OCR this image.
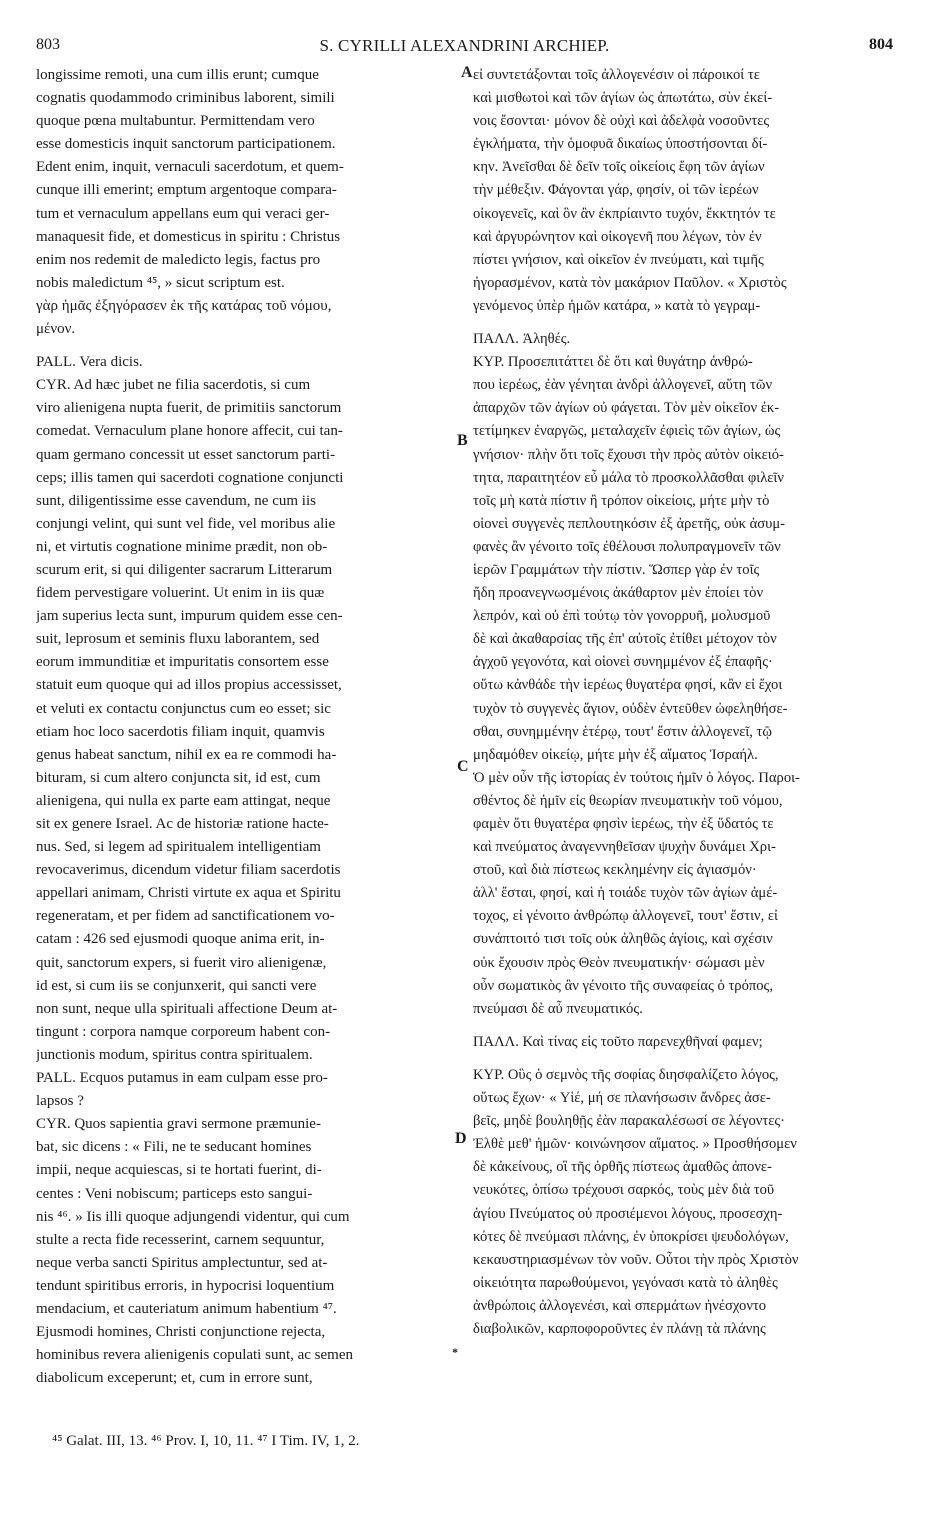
803	S. CYRILLI ALEXANDRINI ARCHIEP.	804

longissime remoti, una cum illis erunt; cumque

cognatis quodammodo criminibus laborent, simili

quoque pœna multabuntur. Permittendam vero

esse domesticis inquit sanctorum participationem.

Edent enim, inquit, vernaculi sacerdotum, et quem-

cunque illi emerint; emptum argentoque compara-

tum et vernaculum appellans eum qui veraci ger-

manaquesit fide, et domesticus in spiritu : Christus

enim nos redemit de maledicto legis, factus pro

nobis maledictum ⁴⁵, » sicut scriptum est.

γὰρ ἡμᾶς ἐξηγόρασεν ἐκ τῆς κατάρας τοῦ νόμου,

μένον.

PALL. Vera dicis.

CYR. Ad hæc jubet ne filia sacerdotis, si cum

viro alienigena nupta fuerit, de primitiis sanctorum

comedat. Vernaculum plane honore affecit, cui tan-

quam germano concessit ut esset sanctorum parti-

ceps; illis tamen qui sacerdoti cognatione conjuncti

sunt, diligentissime esse cavendum, ne cum iis

conjungi velint, qui sunt vel fide, vel moribus alie

ni, et virtutis cognatione minime prædit, non ob-

scurum erit, si qui diligenter sacrarum Litterarum

fidem pervestigare voluerint. Ut enim in iis quæ

jam superius lecta sunt, impurum quidem esse cen-

suit, leprosum et seminis fluxu laborantem, sed

eorum immunditiæ et impuritatis consortem esse

statuit eum quoque qui ad illos propius accessisset,

et veluti ex contactu conjunctus cum eo esset; sic

etiam hoc loco sacerdotis filiam inquit, quamvis

genus habeat sanctum, nihil ex ea re commodi ha-

bituram, si cum altero conjuncta sit, id est, cum

alienigena, qui nulla ex parte eam attingat, neque

sit ex genere Israel. Ac de historiæ ratione hacte-

nus. Sed, si legem ad spiritualem intelligentiam

revocaverimus, dicendum videtur filiam sacerdotis

appellari animam, Christi virtute ex aqua et Spiritu

regeneratam, et per fidem ad sanctificationem vo-

catam : 426 sed ejusmodi quoque anima erit, in-

quit, sanctorum expers, si fuerit viro alienigenæ,

id est, si cum iis se conjunxerit, qui sancti vere

non sunt, neque ulla spirituali affectione Deum at-

tingunt : corpora namque corporeum habent con-

junctionis modum, spiritus contra spiritualem.

PALL. Ecquos putamus in eam culpam esse pro-

lapsos ?

CYR. Quos sapientia gravi sermone præmunie-

bat, sic dicens : « Fili, ne te seducant homines

impii, neque acquiescas, si te hortati fuerint, di-

centes : Veni nobiscum; particeps esto sangui-

nis ⁴⁶. » Iis illi quoque adjungendi videntur, qui cum

stulte a recta fide recesserint, carnem sequuntur,

neque verba sancti Spiritus amplectuntur, sed at-

tendunt spiritibus erroris, in hypocrisi loquentium

mendacium, et cauteriatum animum habentium ⁴⁷.

Ejusmodi homines, Christi conjunctione rejecta,

hominibus revera alienigenis copulati sunt, ac semen

diabolicum exceperunt; et, cum in errore sunt,

εἰ συντετάξονται τοῖς ἀλλογενέσιν οἱ πάροικοί τε

καὶ μισθωτοὶ καὶ τῶν ἁγίων ὡς ἀπωτάτω, σὺν ἐκεί-

νοις ἔσονται· μόνον δὲ οὐχὶ καὶ ἀδελφὰ νοσοῦντες

ἐγκλήματα, τὴν ὁμοφυᾶ δικαίως ὑποστήσονται δί-

κην. Ἀνεῖσθαι δὲ δεῖν τοῖς οἰκείοις ἔφη τῶν ἁγίων

τὴν μέθεξιν. Φάγονται γάρ, φησίν, οἱ τῶν ἱερέων

οἰκογενεῖς, καὶ ὃν ἂν ἐκπρίαιντο τυχόν, ἔκκτητόν τε

καὶ ἀργυρώνητον καὶ οἰκογενῆ που λέγων, τὸν ἐν

πίστει γνήσιον, καὶ οἰκεῖον ἐν πνεύματι, καὶ τιμῆς

ἠγορασμένον, κατὰ τὸν μακάριον Παῦλον. « Χριστὸς

γενόμενος ὑπὲρ ἡμῶν κατάρα, » κατὰ τὸ γεγραμ-

ΠΑΛΛ. Ἀληθές.

ΚΥΡ. Προσεπιτάττει δὲ ὅτι καὶ θυγάτηρ ἀνθρώ-

που ἱερέως, ἐὰν γένηται ἀνδρὶ ἀλλογενεῖ, αὕτη τῶν

ἀπαρχῶν τῶν ἁγίων οὐ φάγεται. Τὸν μὲν οἰκεῖον ἐκ-

τετίμηκεν ἐναργῶς, μεταλαχεῖν ἐφιεὶς τῶν ἁγίων, ὡς

γνήσιον· πλὴν ὅτι τοῖς ἔχουσι τὴν πρὸς αὐτὸν οἰκειό-

τητα, παραιτητέον εὖ μάλα τὸ προσκολλᾶσθαι φιλεῖν

τοῖς μὴ κατὰ πίστιν ἢ τρόπον οἰκείοις, μήτε μὴν τὸ

οἱονεὶ συγγενὲς πεπλουτηκόσιν ἐξ ἀρετῆς, οὐκ ἀσυμ-

φανὲς ἂν γένοιτο τοῖς ἐθέλουσι πολυπραγμονεῖν τῶν

ἱερῶν Γραμμάτων τὴν πίστιν. Ὥσπερ γὰρ ἐν τοῖς

ἤδη προανεγνωσμένοις ἀκάθαρτον μὲν ἐποίει τὸν

λεπρόν, καὶ οὐ ἐπὶ τούτῳ τὸν γονορρυῆ, μολυσμοῦ

δὲ καὶ ἀκαθαρσίας τῆς ἐπ' αὐτοῖς ἐτίθει μέτοχον τὸν

ἀγχοῦ γεγονότα, καὶ οἱονεὶ συνημμένον ἐξ ἐπαφῆς·

οὕτω κἀνθάδε τὴν ἱερέως θυγατέρα φησί, κἂν εἰ ἔχοι

τυχὸν τὸ συγγενὲς ἅγιον, οὐδὲν ἐντεῦθεν ὠφεληθήσε-

σθαι, συνημμένην ἑτέρῳ, τουτ' ἔστιν ἀλλογενεῖ, τῷ

μηδαμόθεν οἰκείῳ, μήτε μὴν ἐξ αἵματος Ἰσραήλ.

Ὁ μὲν οὖν τῆς ἱστορίας ἐν τούτοις ἡμῖν ὁ λόγος. Παροι-

σθέντος δὲ ἡμῖν εἰς θεωρίαν πνευματικὴν τοῦ νόμου,

φαμὲν ὅτι θυγατέρα φησὶν ἱερέως, τὴν ἐξ ὕδατός τε

καὶ πνεύματος ἀναγεννηθεῖσαν ψυχὴν δυνάμει Χρι-

στοῦ, καὶ διὰ πίστεως κεκλημένην εἰς ἁγιασμόν·

ἀλλ' ἔσται, φησί, καὶ ἡ τοιάδε τυχὸν τῶν ἁγίων ἀμέ-

τοχος, εἰ γένοιτο ἀνθρώπῳ ἀλλογενεῖ, τουτ' ἔστιν, εἰ

συνάπτοιτό τισι τοῖς οὐκ ἀληθῶς ἁγίοις, καὶ σχέσιν

οὐκ ἔχουσιν πρὸς Θεὸν πνευματικήν· σώμασι μὲν

οὖν σωματικὸς ἂν γένοιτο τῆς συναφείας ὁ τρόπος,

πνεύμασι δὲ αὖ πνευματικός.

ΠΑΛΛ. Καὶ τίνας εἰς τοῦτο παρενεχθῆναί φαμεν;

ΚΥΡ. Οὓς ὁ σεμνὸς τῆς σοφίας διησφαλίζετο λόγος,

οὕτως ἔχων· « Υἱέ, μή σε πλανήσωσιν ἄνδρες ἀσε-

βεῖς, μηδὲ βουληθῇς ἐὰν παρακαλέσωσί σε λέγοντες·

Ἐλθὲ μεθ' ἡμῶν· κοινώνησον αἵματος. » Προσθήσομεν

δὲ κἀκείνους, οἳ τῆς ὀρθῆς πίστεως ἀμαθῶς ἀπονε-

νευκότες, ὀπίσω τρέχουσι σαρκός, τοὺς μὲν διὰ τοῦ

ἁγίου Πνεύματος οὐ προσιέμενοι λόγους, προσεσχη-

κότες δὲ πνεύμασι πλάνης, ἐν ὑποκρίσει ψευδολόγων,

κεκαυστηριασμένων τὸν νοῦν. Οὗτοι τὴν πρὸς Χριστὸν

οἰκειότητα παρωθούμενοι, γεγόνασι κατὰ τὸ ἀληθὲς

ἀνθρώποις ἀλλογενέσι, καὶ σπερμάτων ἠνέσχοντο

διαβολικῶν, καρποφοροῦντες ἐν πλάνῃ τὰ πλάνης

A
B
C
D
*
⁴⁵ Galat. III, 13. ⁴⁶ Prov. I, 10, 11. ⁴⁷ I Tim. IV, 1, 2.
